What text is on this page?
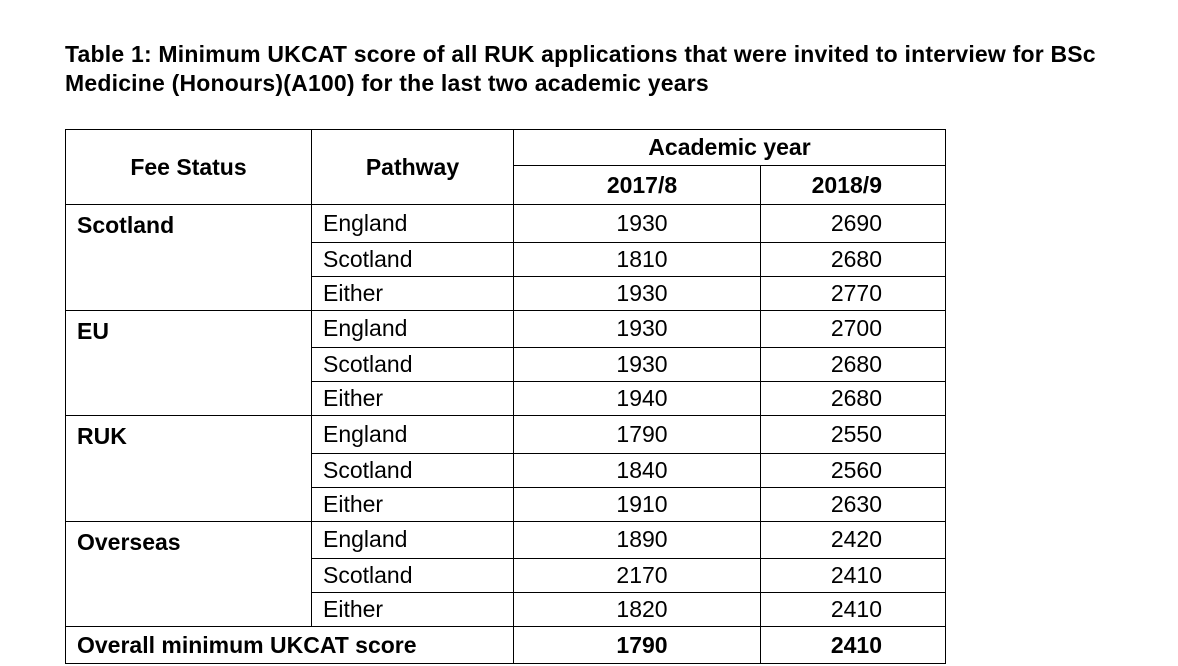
Table 1: Minimum UKCAT score of all RUK applications that were invited to interview for BSc Medicine (Honours)(A100) for the last two academic years
Fee Status	Pathway	Academic year	
		2017/8	2018/9
Scotland	England	1930	2690
	Scotland	1810	2680
	Either	1930	2770
EU	England	1930	2700
	Scotland	1930	2680
	Either	1940	2680
RUK	England	1790	2550
	Scotland	1840	2560
	Either	1910	2630
Overseas	England	1890	2420
	Scotland	2170	2410
	Either	1820	2410
Overall minimum UKCAT score		1790	2410
